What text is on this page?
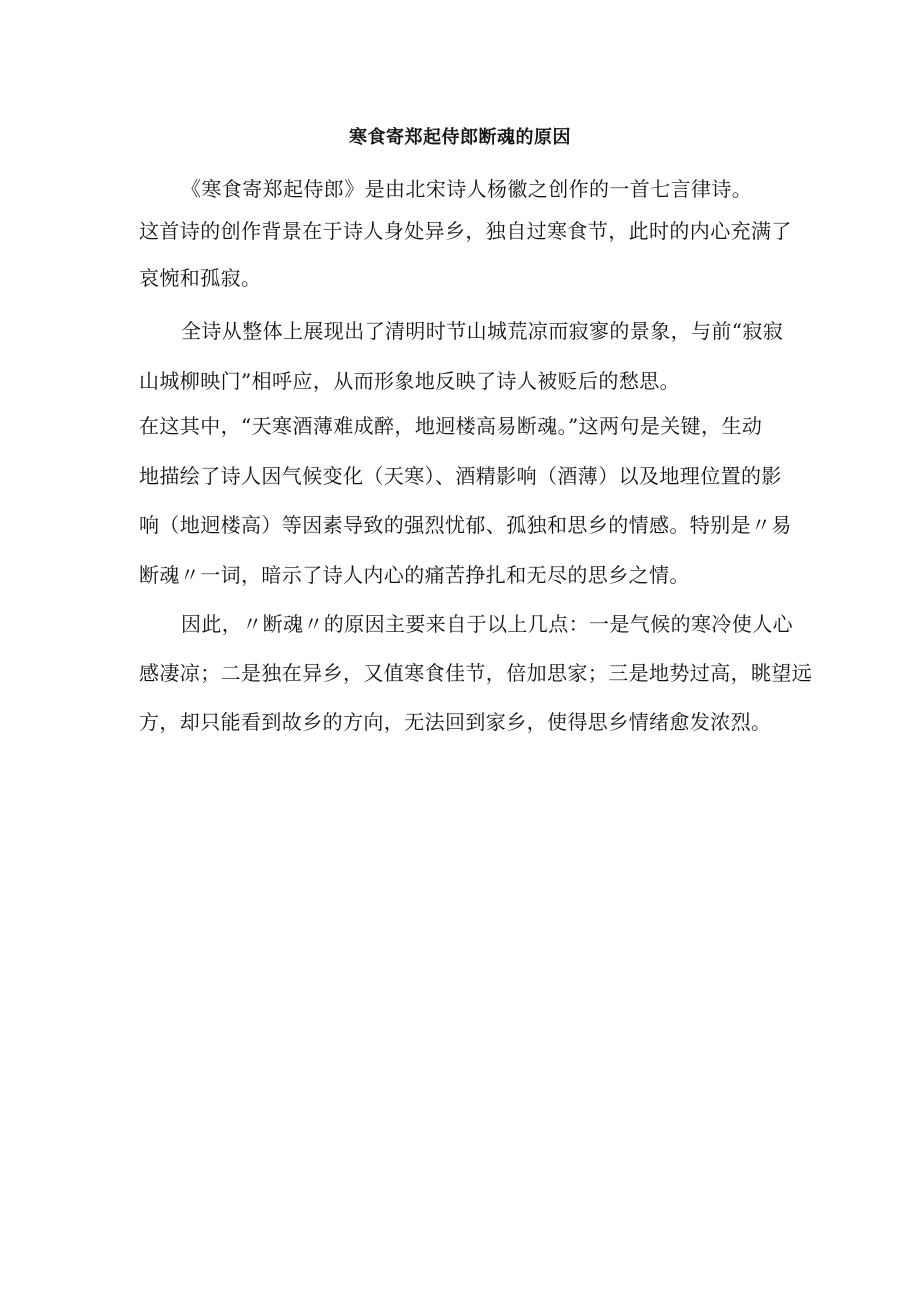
寒食寄郑起侍郎断魂的原因
《寒食寄郑起侍郎》是由北宋诗人杨徽之创作的一首七言律诗。
这首诗的创作背景在于诗人身处异乡，独自过寒食节，此时的内心充满了
哀惋和孤寂。
全诗从整体上展现出了清明时节山城荒凉而寂寥的景象，与前“寂寂
山城柳映门”相呼应，从而形象地反映了诗人被贬后的愁思。
在这其中，“天寒酒薄难成醉，地迥楼高易断魂。”这两句是关键，生动
地描绘了诗人因气候变化（天寒）、酒精影响（酒薄）以及地理位置的影
响（地迥楼高）等因素导致的强烈忧郁、孤独和思乡的情感。特别是〃易
断魂〃一词，暗示了诗人内心的痛苦挣扎和无尽的思乡之情。
因此，〃断魂〃的原因主要来自于以上几点：一是气候的寒冷使人心
感凄凉；二是独在异乡，又值寒食佳节，倍加思家；三是地势过高，眺望远
方，却只能看到故乡的方向，无法回到家乡，使得思乡情绪愈发浓烈。
